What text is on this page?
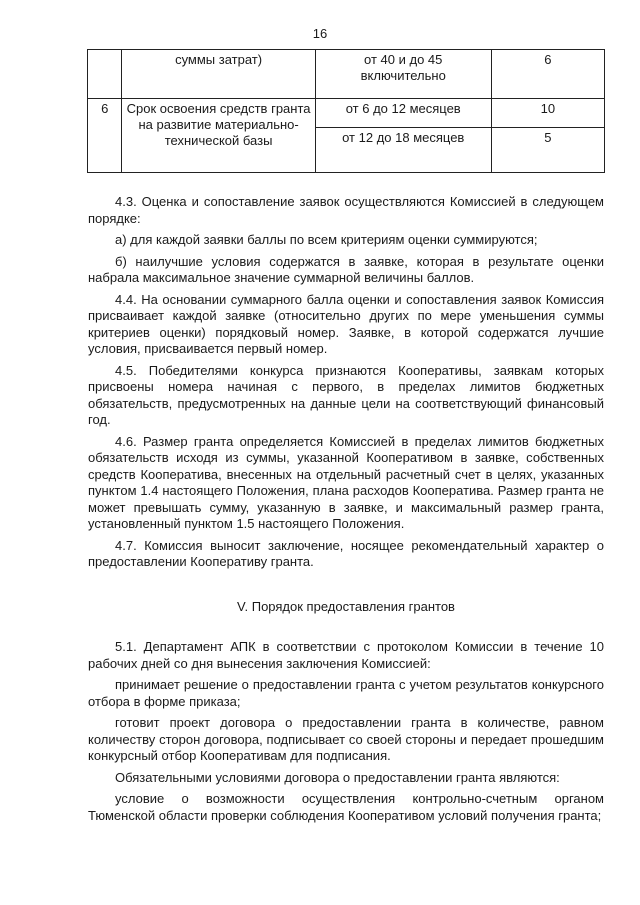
16
	суммы затрат)	от 40 и до 45 включительно	6
6	Срок освоения средств гранта на развитие материально-технической базы	от 6 до 12 месяцев	10
		от 12 до 18 месяцев	5

4.3. Оценка и сопоставление заявок осуществляются Комиссией в следующем порядке:

а) для каждой заявки баллы по всем критериям оценки суммируются;

б) наилучшие условия содержатся в заявке, которая в результате оценки набрала максимальное значение суммарной величины баллов.

4.4. На основании суммарного балла оценки и сопоставления заявок Комиссия присваивает каждой заявке (относительно других по мере уменьшения суммы критериев оценки) порядковый номер. Заявке, в которой содержатся лучшие условия, присваивается первый номер.

4.5. Победителями конкурса признаются Кооперативы, заявкам которых присвоены номера начиная с первого, в пределах лимитов бюджетных обязательств, предусмотренных на данные цели на соответствующий финансовый год.

4.6. Размер гранта определяется Комиссией в пределах лимитов бюджетных обязательств исходя из суммы, указанной Кооперативом в заявке, собственных средств Кооператива, внесенных на отдельный расчетный счет в целях, указанных пунктом 1.4 настоящего Положения, плана расходов Кооператива. Размер гранта не может превышать сумму, указанную в заявке, и максимальный размер гранта, установленный пунктом 1.5 настоящего Положения.

4.7. Комиссия выносит заключение, носящее рекомендательный характер о предоставлении Кооперативу гранта.

V. Порядок предоставления грантов

5.1. Департамент АПК в соответствии с протоколом Комиссии в течение 10 рабочих дней со дня вынесения заключения Комиссией:

принимает решение о предоставлении гранта с учетом результатов конкурсного отбора в форме приказа;

готовит проект договора о предоставлении гранта в количестве, равном количеству сторон договора, подписывает со своей стороны и передает прошедшим конкурсный отбор Кооперативам для подписания.

Обязательными условиями договора о предоставлении гранта являются:

условие о возможности осуществления контрольно-счетным органом Тюменской области проверки соблюдения Кооперативом условий получения гранта;
